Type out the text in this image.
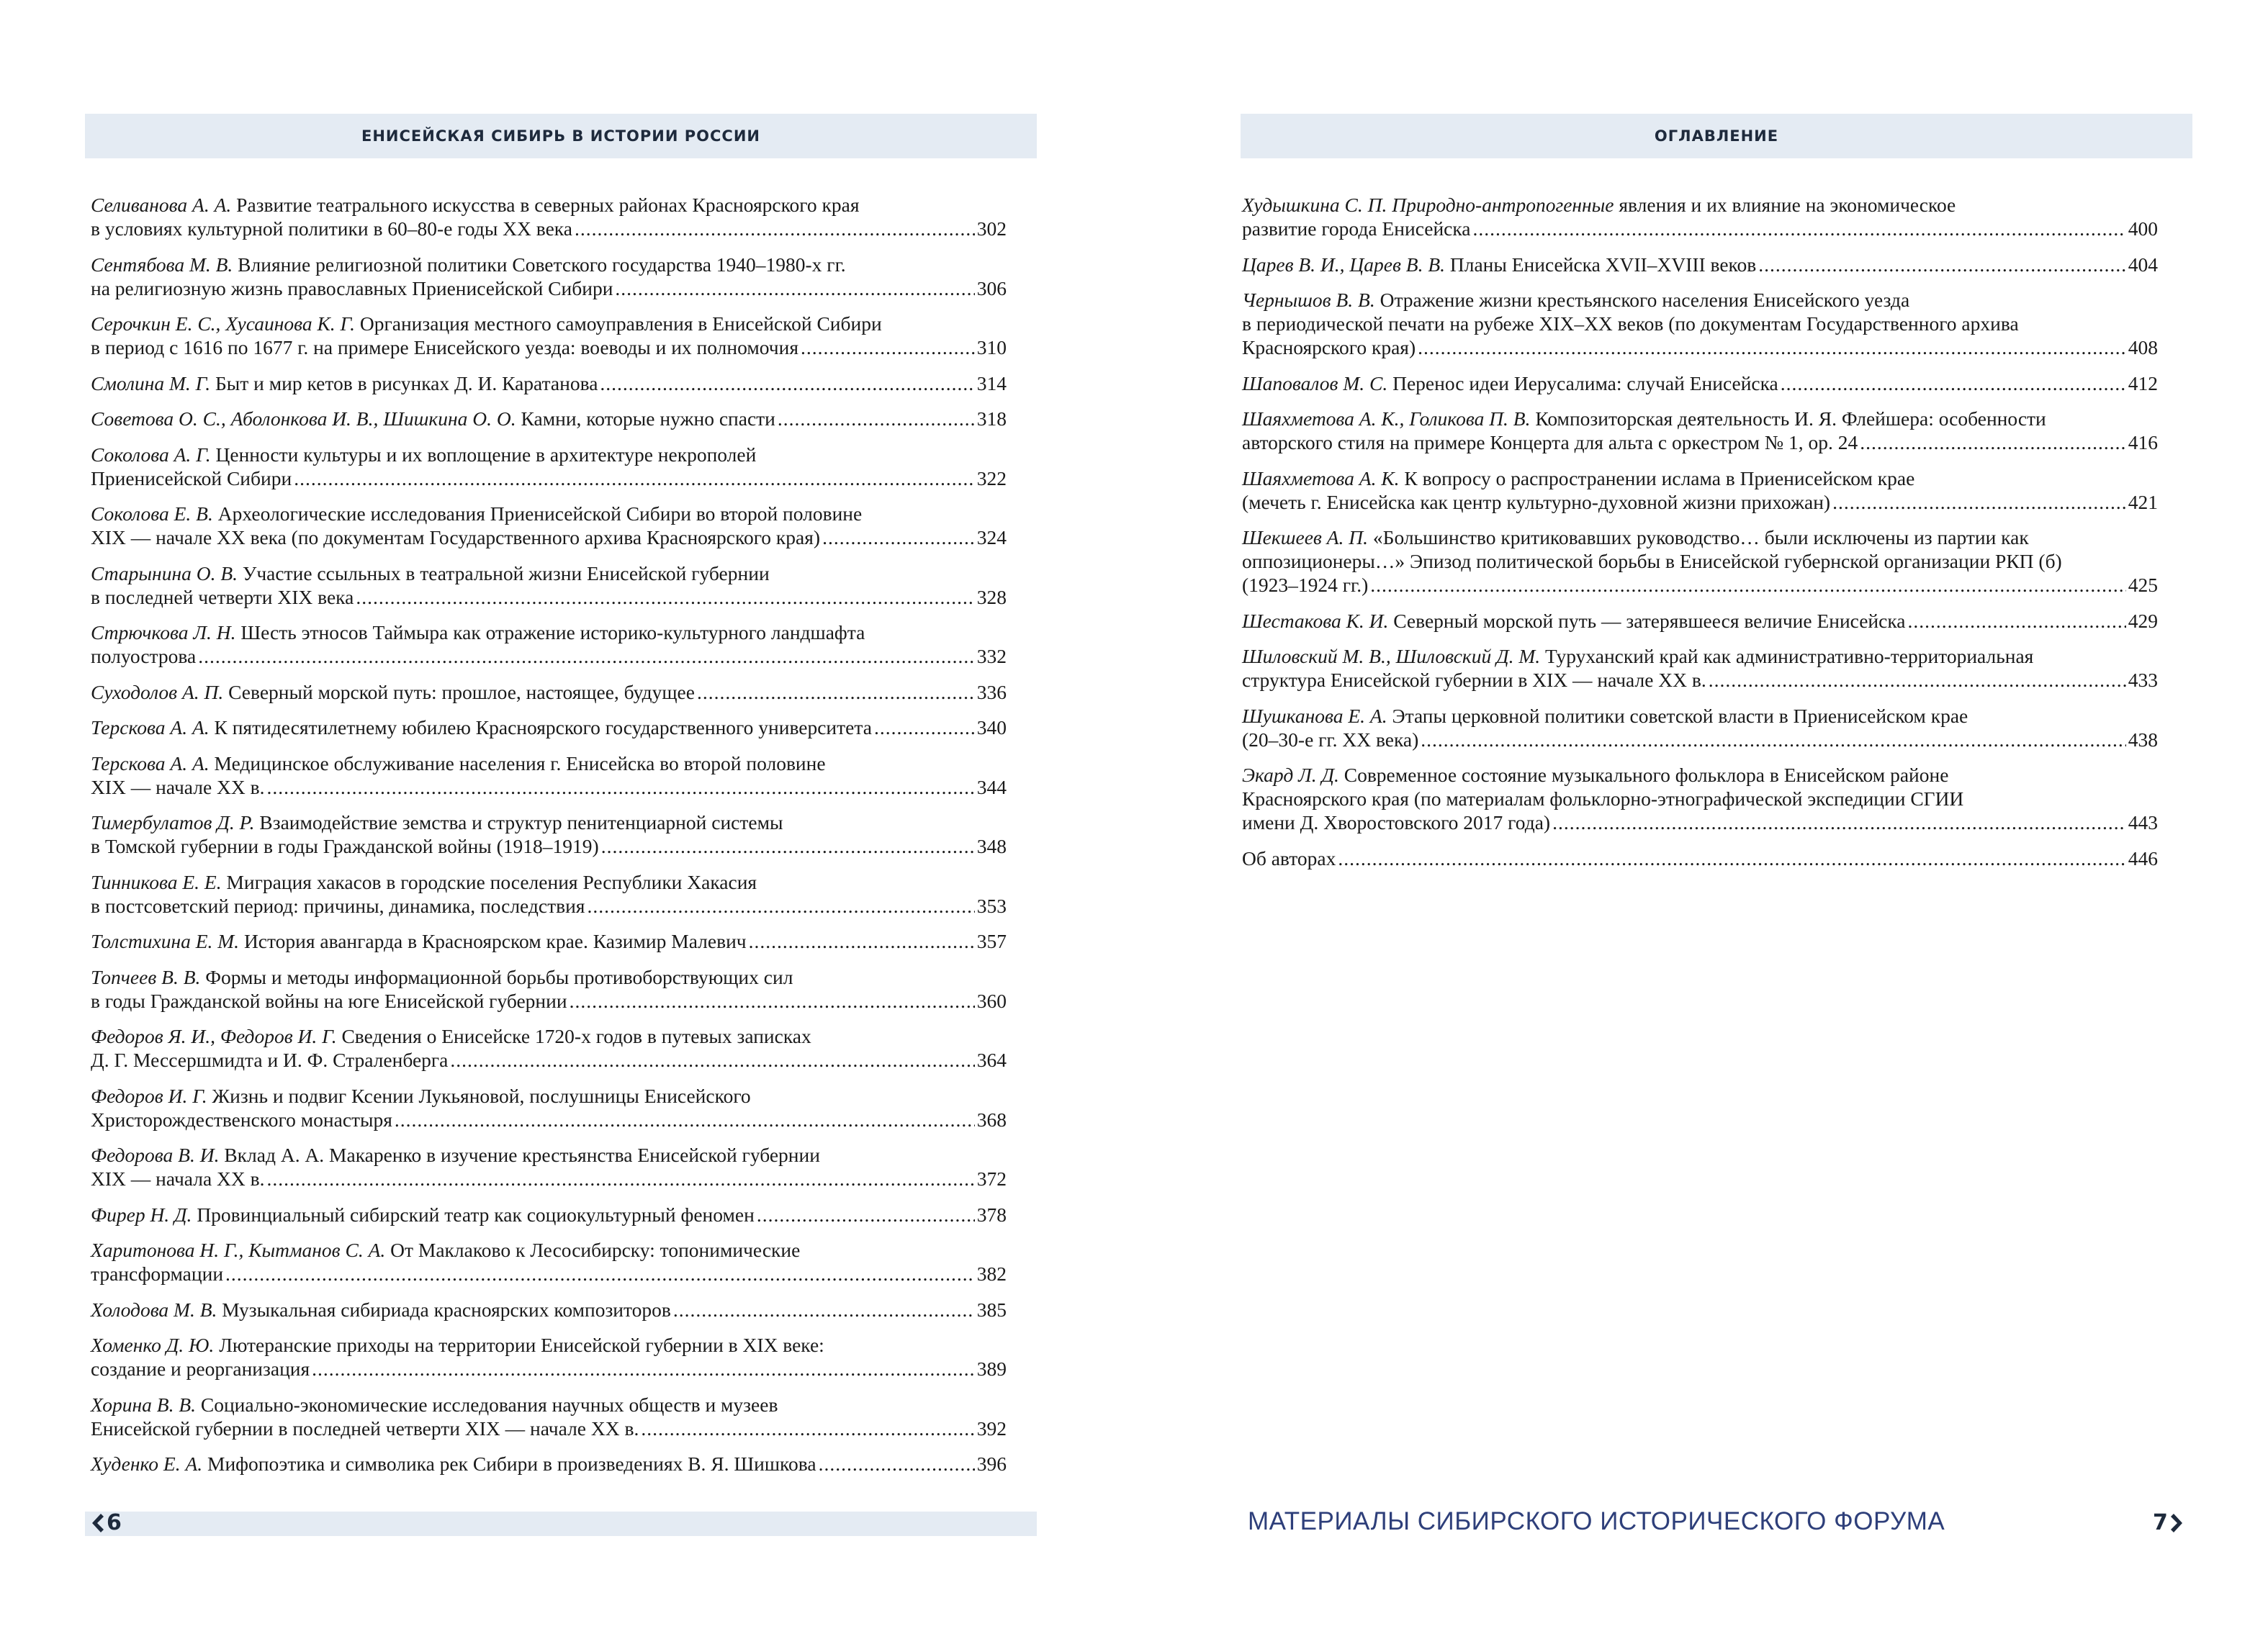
ЕНИСЕЙСКАЯ СИБИРЬ В ИСТОРИИ РОССИИ
Селиванова А. А. Развитие театрального искусства в северных районах Красноярского края
в условиях культурной политики в 60–80-е годы ХХ века .....	302
Сентябова М. В. Влияние религиозной политики Советского государства 1940–1980-х гг.
на религиозную жизнь православных Приенисейской Сибири .....	306
Серочкин Е. С., Хусаинова К. Г. Организация местного самоуправления в Енисейской Сибири
в период с 1616 по 1677 г. на примере Енисейского уезда: воеводы и их полномочия .....	310
Смолина М. Г. Быт и мир кетов в рисунках Д. И. Каратанова .....	314
Советова О. С., Аболонкова И. В., Шишкина О. О. Камни, которые нужно спасти .....	318
Соколова А. Г. Ценности культуры и их воплощение в архитектуре некрополей
Приенисейской Сибири .....	322
Соколова Е. В. Археологические исследования Приенисейской Сибири во второй половине
XIX — начале XX века (по документам Государственного архива Красноярского края) .....	324
Старынина О. В. Участие ссыльных в театральной жизни Енисейской губернии
в последней четверти XIX века .....	328
Стрючкова Л. Н. Шесть этносов Таймыра как отражение историко-культурного ландшафта
полуострова .....	332
Суходолов А. П. Северный морской путь: прошлое, настоящее, будущее .....	336
Терскова А. А. К пятидесятилетнему юбилею Красноярского государственного университета .....	340
Терскова А. А. Медицинское обслуживание населения г. Енисейска во второй половине
XIX — начале XX в. .....	344
Тимербулатов Д. Р. Взаимодействие земства и структур пенитенциарной системы
в Томской губернии в годы Гражданской войны (1918–1919) .....	348
Тинникова Е. Е. Миграция хакасов в городские поселения Республики Хакасия
в постсоветский период: причины, динамика, последствия .....	353
Толстихина Е. М. История авангарда в Красноярском крае. Казимир Малевич .....	357
Топчеев В. В. Формы и методы информационной борьбы противоборствующих сил
в годы Гражданской войны на юге Енисейской губернии .....	360
Федоров Я. И., Федоров И. Г. Сведения о Енисейске 1720-х годов в путевых записках
Д. Г. Мессершмидта и И. Ф. Страленберга .....	364
Федоров И. Г. Жизнь и подвиг Ксении Лукьяновой, послушницы Енисейского
Христорождественского монастыря .....	368
Федорова В. И. Вклад А. А. Макаренко в изучение крестьянства Енисейской губернии
XIX — начала XX в. .....	372
Фирер Н. Д. Провинциальный сибирский театр как социокультурный феномен .....	378
Харитонова Н. Г., Кытманов С. А. От Маклаково к Лесосибирску: топонимические
трансформации .....	382
Холодова М. В. Музыкальная сибириада красноярских композиторов .....	385
Хоменко Д. Ю. Лютеранские приходы на территории Енисейской губернии в XIX веке:
создание и реорганизация .....	389
Хорина В. В. Социально-экономические исследования научных обществ и музеев
Енисейской губернии в последней четверти XIX — начале XX в. .....	392
Худенко Е. А. Мифопоэтика и символика рек Сибири в произведениях В. Я. Шишкова .....	396
6
ОГЛАВЛЕНИЕ
Худышкина С. П. Природно-антропогенные явления и их влияние на экономическое
развитие города Енисейска .....	400
Царев В. И., Царев В. В. Планы Енисейска XVII–XVIII веков .....	404
Чернышов В. В. Отражение жизни крестьянского населения Енисейского уезда
в периодической печати на рубеже XIX–XX веков (по документам Государственного архива
Красноярского края) .....	408
Шаповалов М. С. Перенос идеи Иерусалима: случай Енисейска .....	412
Шаяхметова А. К., Голикова П. В. Композиторская деятельность И. Я. Флейшера: особенности
авторского стиля на примере Концерта для альта с оркестром № 1, ор. 24 .....	416
Шаяхметова А. К. К вопросу о распространении ислама в Приенисейском крае
(мечеть г. Енисейска как центр культурно-духовной жизни прихожан) .....	421
Шекшеев А. П. «Большинство критиковавших руководство… были исключены из партии как
оппозиционеры…» Эпизод политической борьбы в Енисейской губернской организации РКП (б)
(1923–1924 гг.) .....	425
Шестакова К. И. Северный морской путь — затерявшееся величие Енисейска .....	429
Шиловский М. В., Шиловский Д. М. Туруханский край как административно-территориальная
структура Енисейской губернии в XIX — начале XX в. .....	433
Шушканова Е. А. Этапы церковной политики советской власти в Приенисейском крае
(20–30-е гг. XX века) .....	438
Экард Л. Д. Современное состояние музыкального фольклора в Енисейском районе
Красноярского края (по материалам фольклорно-этнографической экспедиции СГИИ
имени Д. Хворостовского 2017 года) .....	443
Об авторах .....	446
МАТЕРИАЛЫ СИБИРСКОГО ИСТОРИЧЕСКОГО ФОРУМА	7
